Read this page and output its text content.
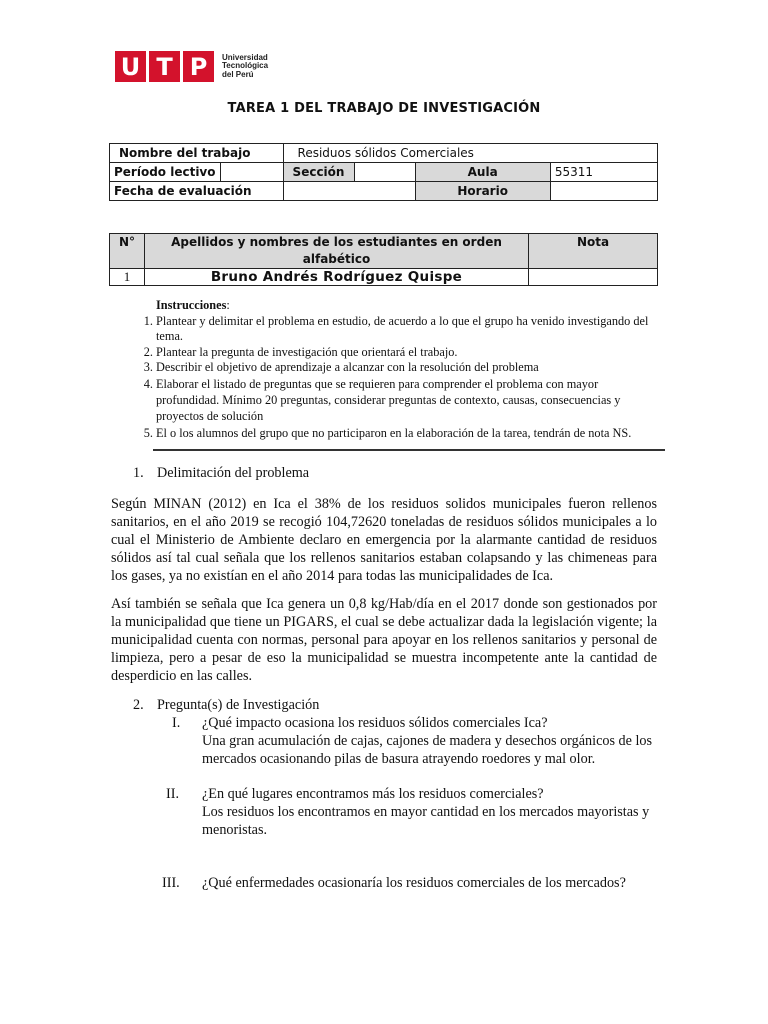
U T P	Universidad
Tecnológica
del Perú
TAREA 1 DEL TRABAJO DE INVESTIGACIÓN
Nombre del trabajo		Residuos sólidos Comerciales			
Período lectivo		Sección		Aula	55311
Fecha de evaluación				Horario	
N°	Apellidos y nombres de los estudiantes en orden alfabético	Nota
1	Bruno Andrés Rodríguez Quispe	
Instrucciones:
1. Plantear y delimitar el problema en estudio, de acuerdo a lo que el grupo ha venido investigando del tema.
2. Plantear la pregunta de investigación que orientará el trabajo.
3. Describir el objetivo de aprendizaje a alcanzar con la resolución del problema
4. Elaborar el listado de preguntas que se requieren para comprender el problema con mayor profundidad. Mínimo 20 preguntas, considerar preguntas de contexto, causas, consecuencias y proyectos de solución
5. El o los alumnos del grupo que no participaron en la elaboración de la tarea, tendrán de nota NS.
1. Delimitación del problema
Según MINAN (2012) en Ica el 38% de los residuos solidos municipales fueron rellenos sanitarios, en el año 2019 se recogió 104,72620 toneladas de residuos sólidos municipales a lo cual el Ministerio de Ambiente declaro en emergencia por la alarmante cantidad de residuos sólidos así tal cual señala que los rellenos sanitarios estaban colapsando y las chimeneas para los gases, ya no existían en el año 2014 para todas las municipalidades de Ica.
Así también se señala que Ica genera un 0,8 kg/Hab/día en el 2017 donde son gestionados por la municipalidad que tiene un PIGARS, el cual se debe actualizar dada la legislación vigente; la municipalidad cuenta con normas, personal para apoyar en los rellenos sanitarios y personal de limpieza, pero a pesar de eso la municipalidad se muestra incompetente ante la cantidad de desperdicio en las calles.
2. Pregunta(s) de Investigación
I. ¿Qué impacto ocasiona los residuos sólidos comerciales Ica?
Una gran acumulación de cajas, cajones de madera y desechos orgánicos de los
mercados ocasionando pilas de basura atrayendo roedores y mal olor.
II. ¿En qué lugares encontramos más los residuos comerciales?
Los residuos los encontramos en mayor cantidad en los mercados mayoristas y
menoristas.
III. ¿Qué enfermedades ocasionaría los residuos comerciales de los mercados?
